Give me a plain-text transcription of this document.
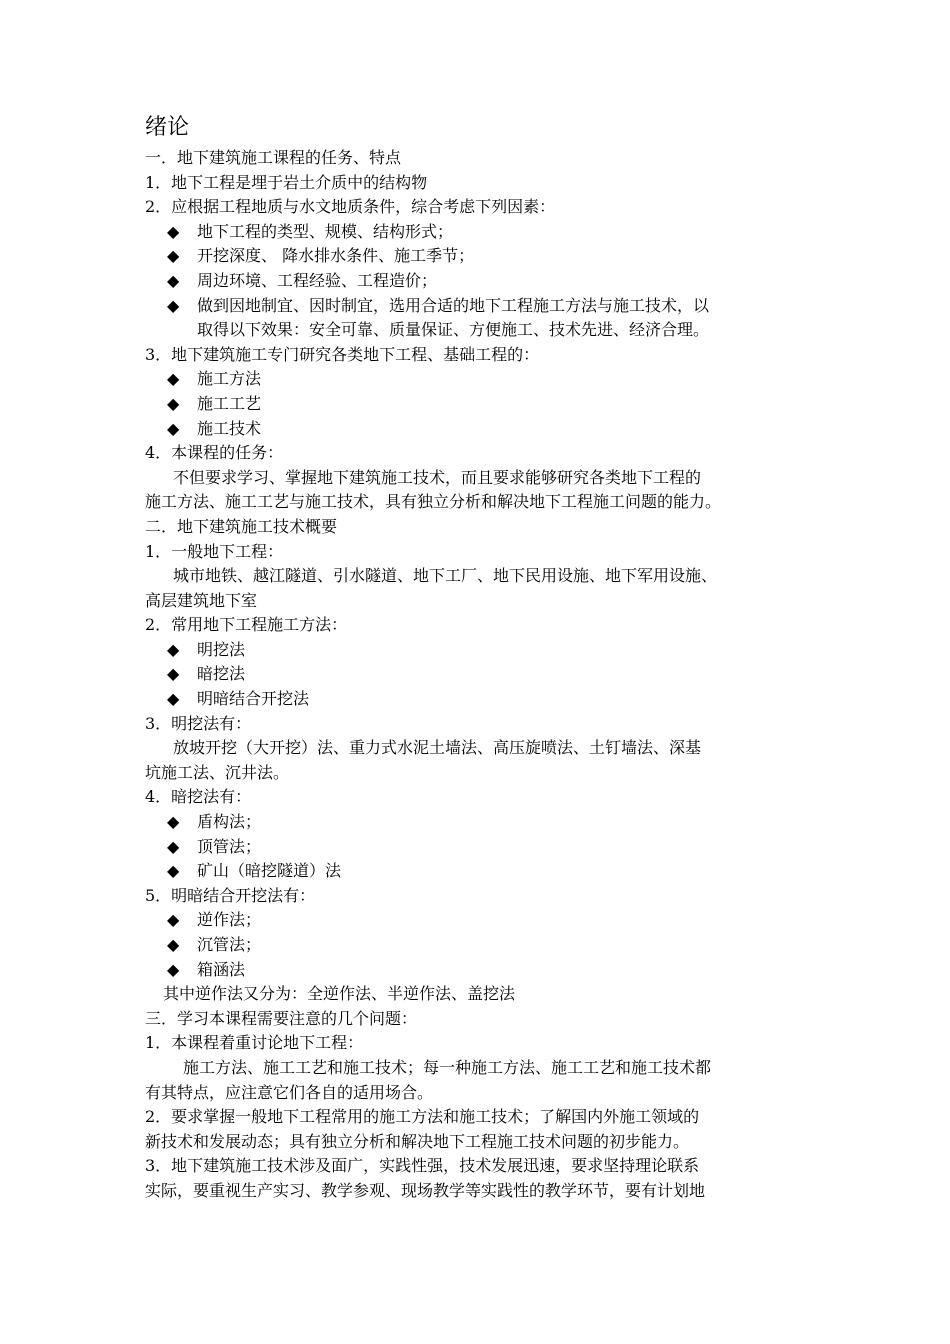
绪论
一．地下建筑施工课程的任务、特点
1．地下工程是埋于岩土介质中的结构物
2．应根据工程地质与水文地质条件，综合考虑下列因素：
◆ 地下工程的类型、规模、结构形式；
◆ 开挖深度、 降水排水条件、施工季节；
◆ 周边环境、工程经验、工程造价；
◆ 做到因地制宜、因时制宜，选用合适的地下工程施工方法与施工技术，以
取得以下效果：安全可靠、质量保证、方便施工、技术先进、经济合理。
3．地下建筑施工专门研究各类地下工程、基础工程的：
◆ 施工方法
◆ 施工工艺
◆ 施工技术
4．本课程的任务：
不但要求学习、掌握地下建筑施工技术，而且要求能够研究各类地下工程的
施工方法、施工工艺与施工技术，具有独立分析和解决地下工程施工问题的能力。
二．地下建筑施工技术概要
1．一般地下工程：
城市地铁、越江隧道、引水隧道、地下工厂、地下民用设施、地下军用设施、
高层建筑地下室
2．常用地下工程施工方法：
◆ 明挖法
◆ 暗挖法
◆ 明暗结合开挖法
3．明挖法有：
放坡开挖（大开挖）法、重力式水泥土墙法、高压旋喷法、土钉墙法、深基
坑施工法、沉井法。
4．暗挖法有：
◆ 盾构法；
◆ 顶管法；
◆ 矿山（暗挖隧道）法
5．明暗结合开挖法有：
◆ 逆作法；
◆ 沉管法；
◆ 箱涵法
其中逆作法又分为：全逆作法、半逆作法、盖挖法
三．学习本课程需要注意的几个问题：
1．本课程着重讨论地下工程：
施工方法、施工工艺和施工技术；每一种施工方法、施工工艺和施工技术都
有其特点，应注意它们各自的适用场合。
2．要求掌握一般地下工程常用的施工方法和施工技术；了解国内外施工领域的
新技术和发展动态；具有独立分析和解决地下工程施工技术问题的初步能力。
3．地下建筑施工技术涉及面广，实践性强，技术发展迅速，要求坚持理论联系
实际，要重视生产实习、教学参观、现场教学等实践性的教学环节，要有计划地
